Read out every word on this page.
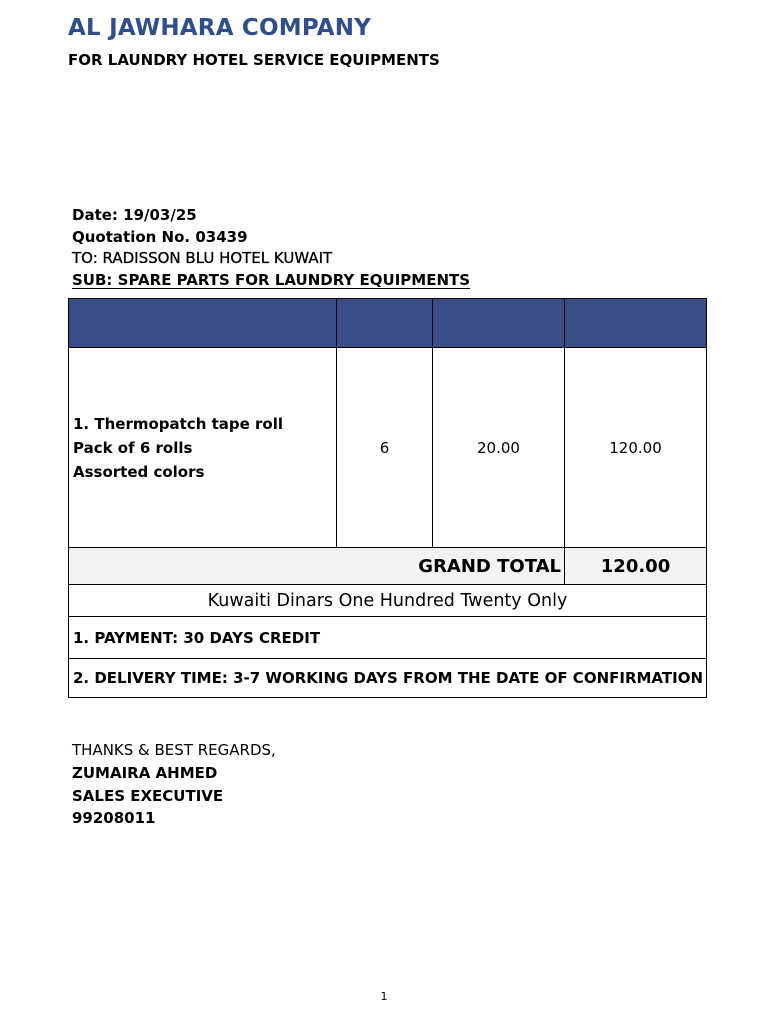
AL JAWHARA COMPANY
FOR LAUNDRY HOTEL SERVICE EQUIPMENTS
Date: 19/03/25
Quotation No. 03439
TO: RADISSON BLU HOTEL KUWAIT
SUB: SPARE PARTS FOR LAUNDRY EQUIPMENTS

1. Thermopatch tape roll
Pack of 6 rolls
Assorted colors	6	20.00	120.00
GRAND TOTAL	120.00
Kuwaiti Dinars One Hundred Twenty Only
1. PAYMENT: 30 DAYS CREDIT
2. DELIVERY TIME: 3-7 WORKING DAYS FROM THE DATE OF CONFIRMATION
THANKS & BEST REGARDS,
ZUMAIRA AHMED
SALES EXECUTIVE
99208011
1
